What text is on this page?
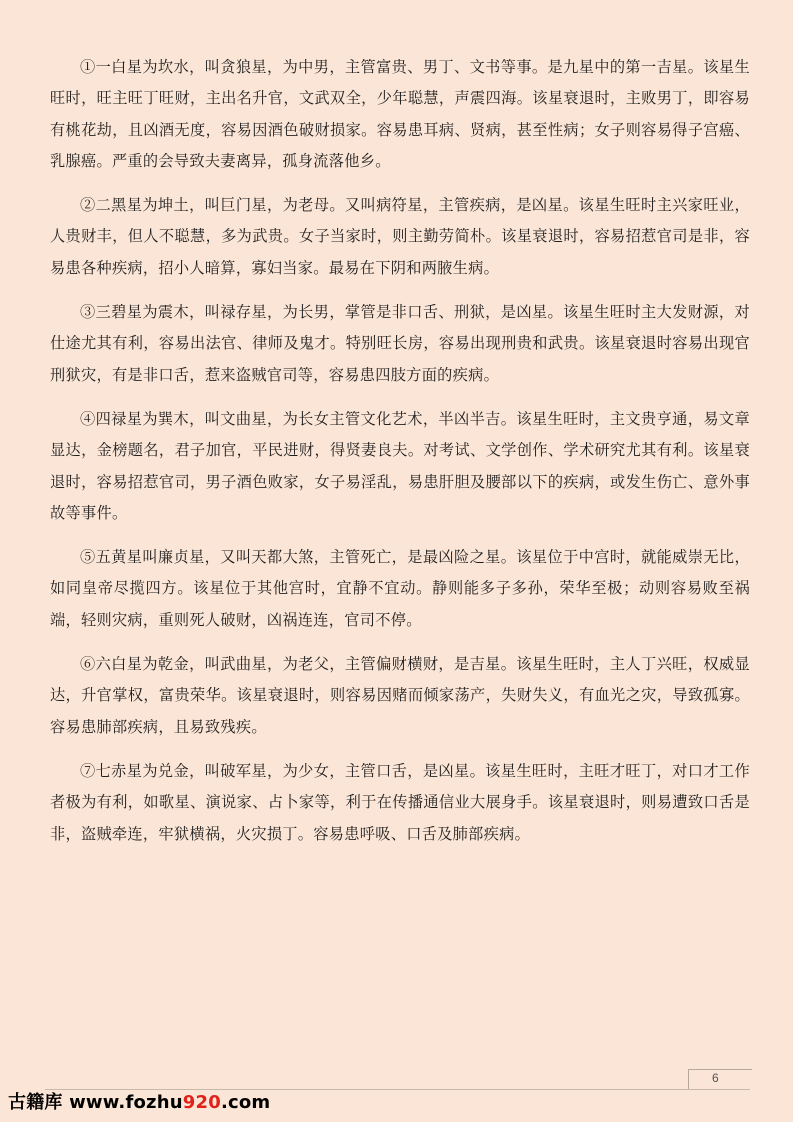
①一白星为坎水，叫贪狼星，为中男，主管富贵、男丁、文书等事。是九星中的第一吉星。该星生旺时，旺主旺丁旺财，主出名升官，文武双全，少年聪慧，声震四海。该星衰退时，主败男丁，即容易有桃花劫，且凶酒无度，容易因酒色破财损家。容易患耳病、贤病，甚至性病；女子则容易得子宫癌、乳腺癌。严重的会导致夫妻离异，孤身流落他乡。

②二黑星为坤土，叫巨门星，为老母。又叫病符星，主管疾病，是凶星。该星生旺时主兴家旺业，人贵财丰，但人不聪慧，多为武贵。女子当家时，则主勤劳简朴。该星衰退时，容易招惹官司是非，容易患各种疾病，招小人暗算，寡妇当家。最易在下阴和两腋生病。

③三碧星为震木，叫禄存星，为长男，掌管是非口舌、刑狱，是凶星。该星生旺时主大发财源，对仕途尤其有利，容易出法官、律师及鬼才。特别旺长房，容易出现刑贵和武贵。该星衰退时容易出现官刑狱灾，有是非口舌，惹来盗贼官司等，容易患四肢方面的疾病。

④四禄星为巽木，叫文曲星，为长女主管文化艺术，半凶半吉。该星生旺时，主文贵亨通，易文章显达，金榜题名，君子加官，平民进财，得贤妻良夫。对考试、文学创作、学术研究尤其有利。该星衰退时，容易招惹官司，男子酒色败家，女子易淫乱，易患肝胆及腰部以下的疾病，或发生伤亡、意外事故等事件。

⑤五黄星叫廉贞星，又叫天都大煞，主管死亡，是最凶险之星。该星位于中宫时，就能威崇无比，如同皇帝尽揽四方。该星位于其他宫时，宜静不宜动。静则能多子多孙，荣华至极；动则容易败至祸端，轻则灾病，重则死人破财，凶祸连连，官司不停。

⑥六白星为乾金，叫武曲星，为老父，主管偏财横财，是吉星。该星生旺时，主人丁兴旺，权威显达，升官掌权，富贵荣华。该星衰退时，则容易因赌而倾家荡产，失财失义，有血光之灾，导致孤寡。容易患肺部疾病，且易致残疾。

⑦七赤星为兑金，叫破军星，为少女，主管口舌，是凶星。该星生旺时，主旺才旺丁，对口才工作者极为有利，如歌星、演说家、占卜家等，利于在传播通信业大展身手。该星衰退时，则易遭致口舌是非，盗贼牵连，牢狱横祸，火灾损丁。容易患呼吸、口舌及肺部疾病。

6
古籍库 www.fozhu920.com
